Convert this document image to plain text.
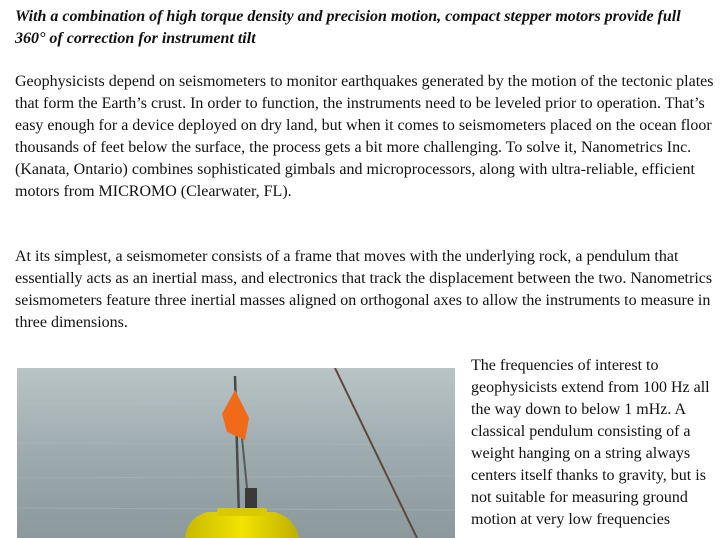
With a combination of high torque density and precision motion, compact stepper motors provide full 360° of correction for instrument tilt

Geophysicists depend on seismometers to monitor earthquakes generated by the motion of the tectonic plates that form the Earth’s crust. In order to function, the instruments need to be leveled prior to operation. That’s easy enough for a device deployed on dry land, but when it comes to seismometers placed on the ocean floor thousands of feet below the surface, the process gets a bit more challenging. To solve it, Nanometrics Inc. (Kanata, Ontario) combines sophisticated gimbals and microprocessors, along with ultra-reliable, efficient motors from MICROMO (Clearwater, FL).

At its simplest, a seismometer consists of a frame that moves with the underlying rock, a pendulum that essentially acts as an inertial mass, and electronics that track the displacement between the two. Nanometrics seismometers feature three inertial masses aligned on orthogonal axes to allow the instruments to measure in three dimensions.

The frequencies of interest to geophysicists extend from 100 Hz all the way down to below 1 mHz. A classical pendulum consisting of a weight hanging on a string always centers itself thanks to gravity, but is not suitable for measuring ground motion at very low frequencies
